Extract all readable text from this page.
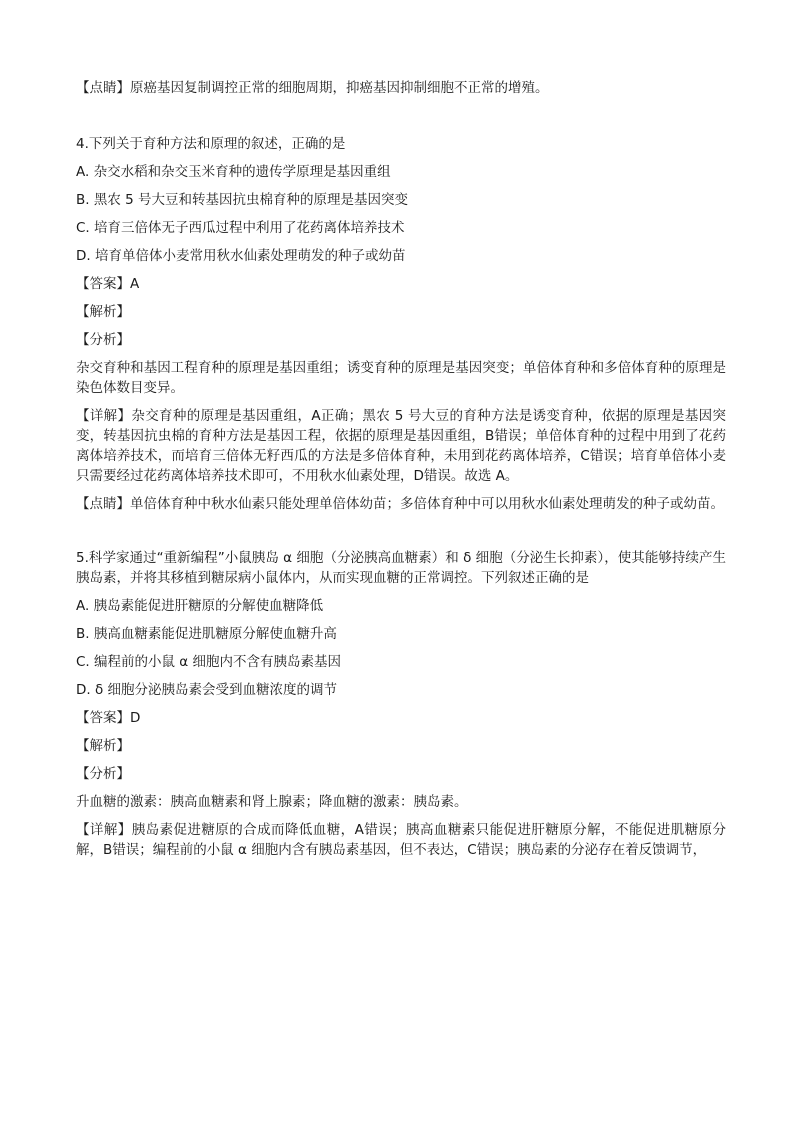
【点睛】原癌基因复制调控正常的细胞周期，抑癌基因抑制细胞不正常的增殖。

4.下列关于育种方法和原理的叙述，正确的是

A. 杂交水稻和杂交玉米育种的遗传学原理是基因重组

B. 黑农 5 号大豆和转基因抗虫棉育种的原理是基因突变

C. 培育三倍体无子西瓜过程中利用了花药离体培养技术

D. 培育单倍体小麦常用秋水仙素处理萌发的种子或幼苗

【答案】A

【解析】

【分析】

杂交育种和基因工程育种的原理是基因重组；诱变育种的原理是基因突变；单倍体育种和多倍体育种的原理是染色体数目变异。

【详解】杂交育种的原理是基因重组，A正确；黑农 5 号大豆的育种方法是诱变育种，依据的原理是基因突变，转基因抗虫棉的育种方法是基因工程，依据的原理是基因重组，B错误；单倍体育种的过程中用到了花药离体培养技术，而培育三倍体无籽西瓜的方法是多倍体育种，未用到花药离体培养，C错误；培育单倍体小麦只需要经过花药离体培养技术即可，不用秋水仙素处理，D错误。故选 A。

【点睛】单倍体育种中秋水仙素只能处理单倍体幼苗；多倍体育种中可以用秋水仙素处理萌发的种子或幼苗。

5.科学家通过“重新编程”小鼠胰岛 α 细胞（分泌胰高血糖素）和 δ 细胞（分泌生长抑素），使其能够持续产生胰岛素，并将其移植到糖尿病小鼠体内，从而实现血糖的正常调控。下列叙述正确的是

A. 胰岛素能促进肝糖原的分解使血糖降低

B. 胰高血糖素能促进肌糖原分解使血糖升高

C. 编程前的小鼠 α 细胞内不含有胰岛素基因

D. δ 细胞分泌胰岛素会受到血糖浓度的调节

【答案】D

【解析】

【分析】

升血糖的激素：胰高血糖素和肾上腺素；降血糖的激素：胰岛素。

【详解】胰岛素促进糖原的合成而降低血糖，A错误；胰高血糖素只能促进肝糖原分解，不能促进肌糖原分解，B错误；编程前的小鼠 α 细胞内含有胰岛素基因，但不表达，C错误；胰岛素的分泌存在着反馈调节，
